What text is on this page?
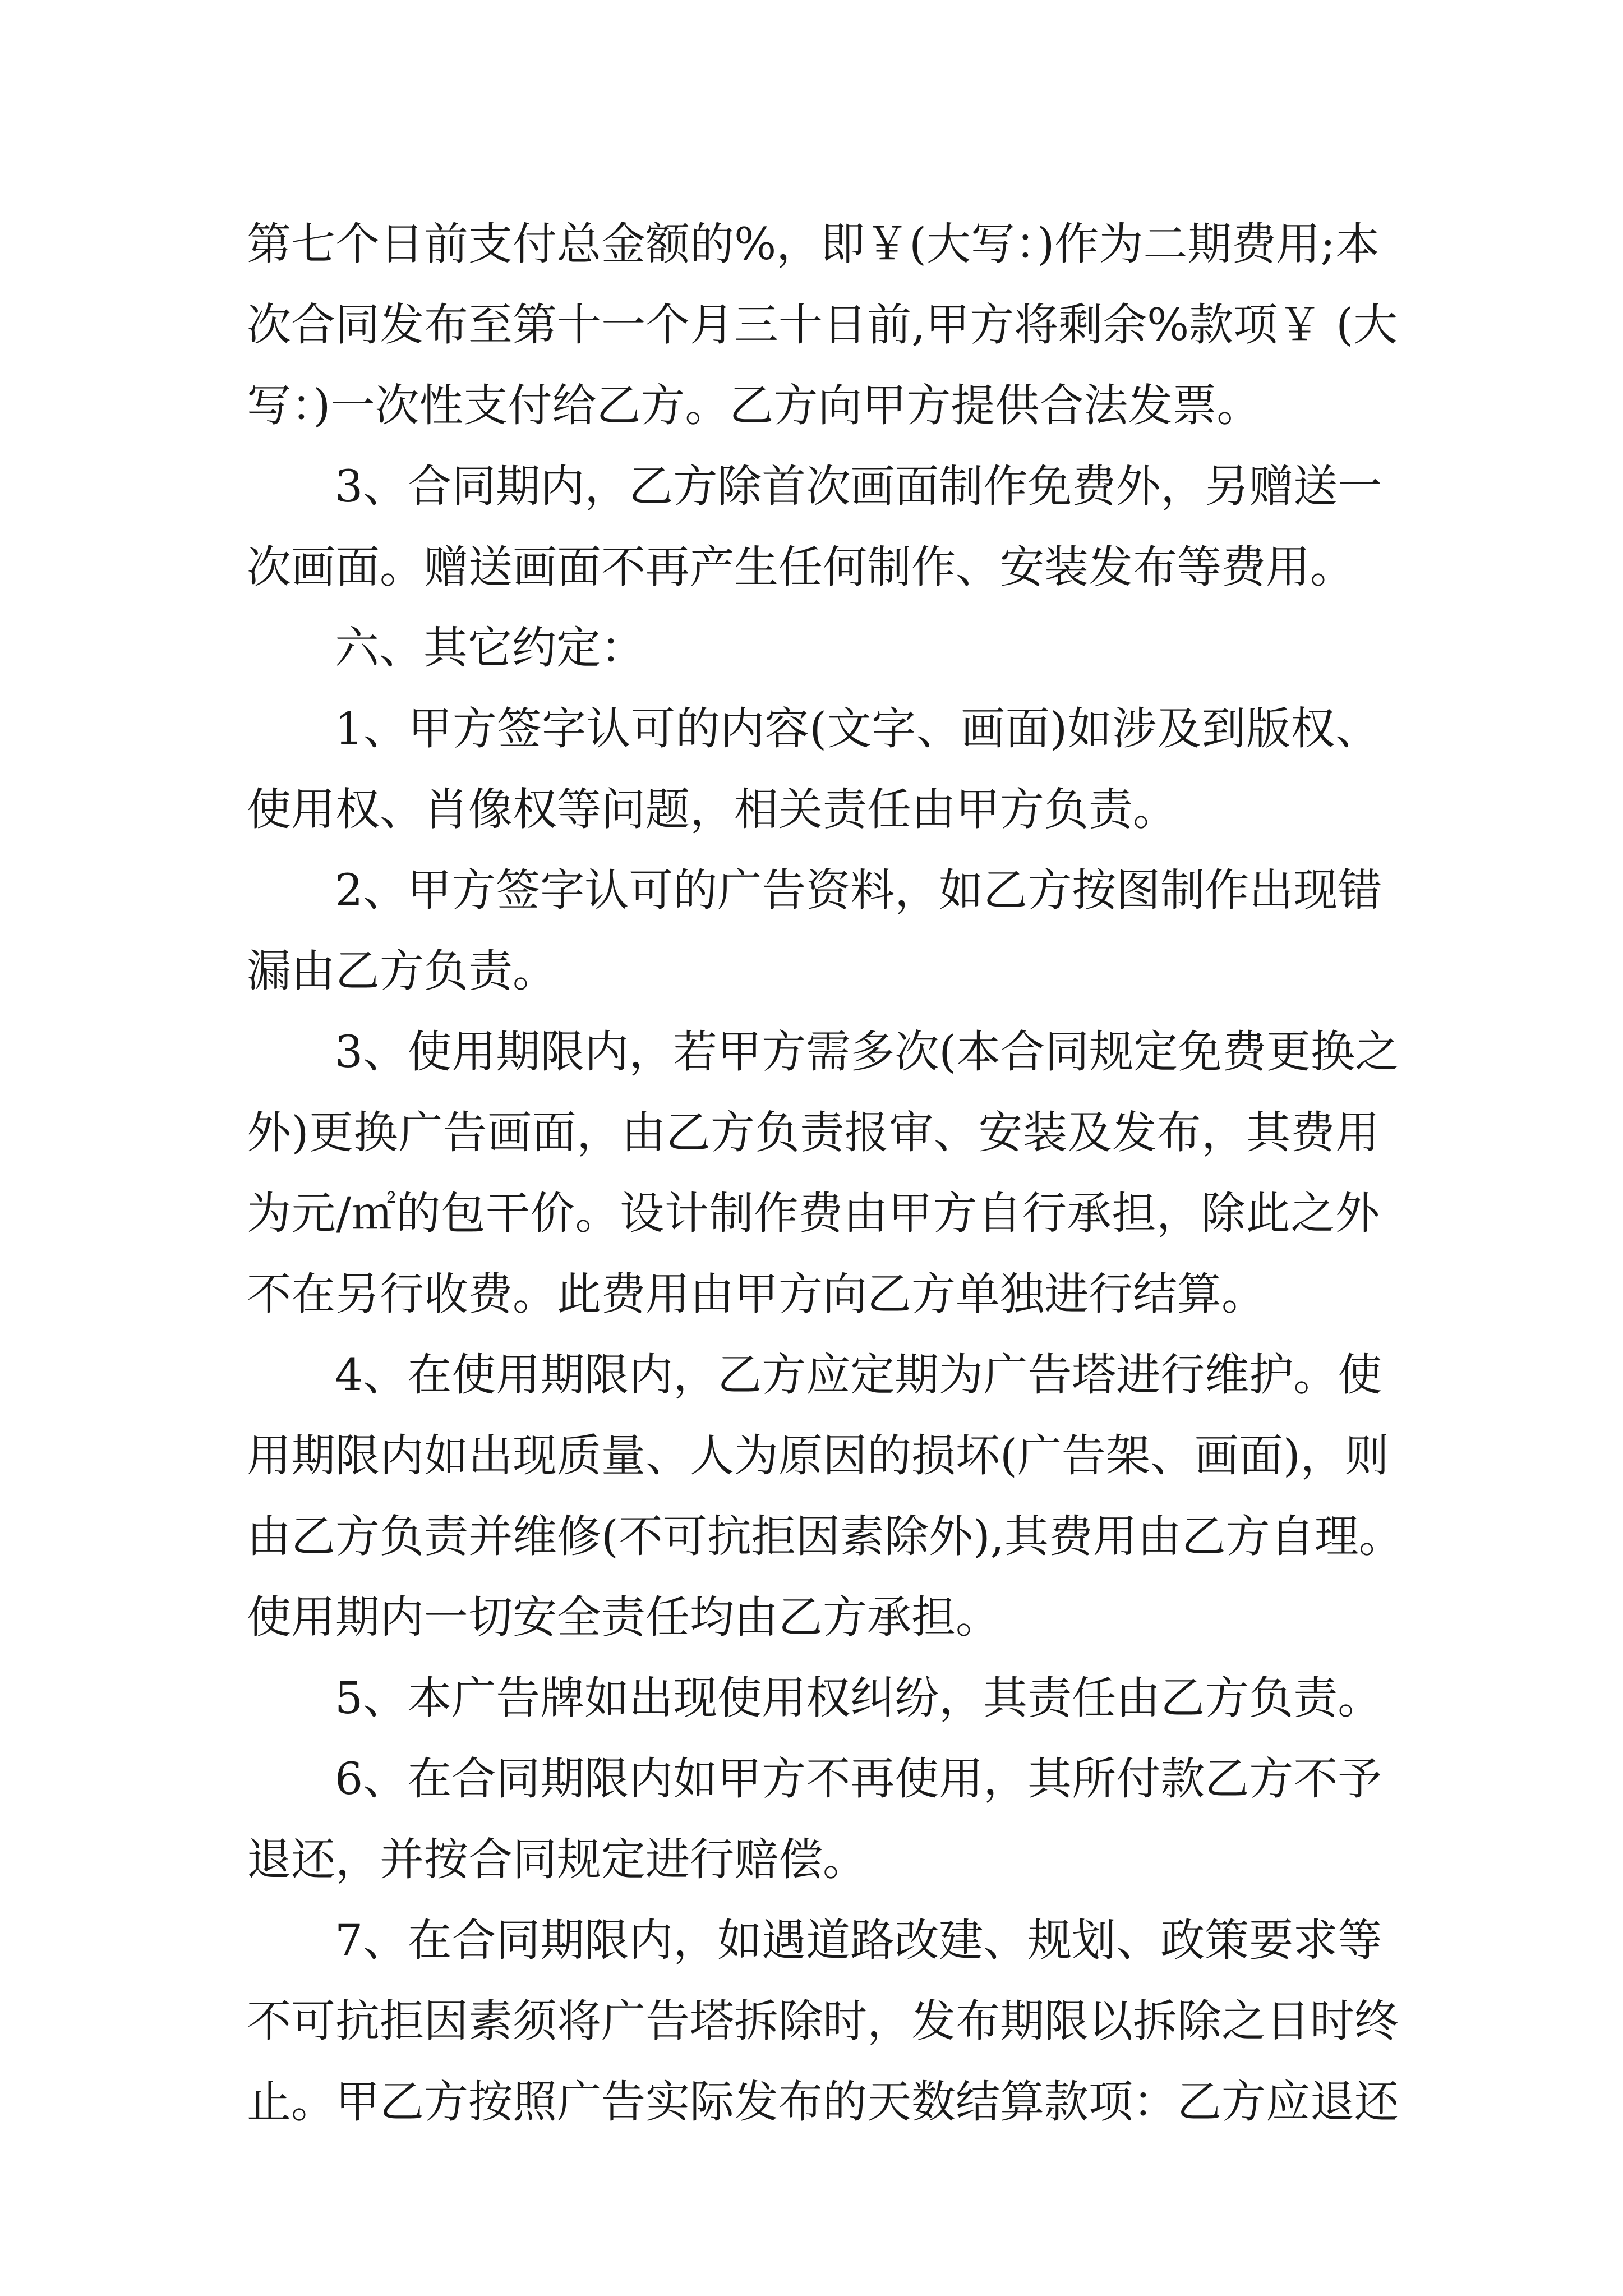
第七个日前支付总金额的%，即￥(大写：)作为二期费用;本
次合同发布至第十一个月三十日前,甲方将剩余%款项￥ (大
写：)一次性支付给乙方。乙方向甲方提供合法发票。
3、合同期内，乙方除首次画面制作免费外，另赠送一
次画面。赠送画面不再产生任何制作、安装发布等费用。
六、其它约定：
1、甲方签字认可的内容(文字、画面)如涉及到版权、
使用权、肖像权等问题，相关责任由甲方负责。
2、甲方签字认可的广告资料，如乙方按图制作出现错
漏由乙方负责。
3、使用期限内，若甲方需多次(本合同规定免费更换之
外)更换广告画面，由乙方负责报审、安装及发布，其费用
为元/㎡的包干价。设计制作费由甲方自行承担，除此之外
不在另行收费。此费用由甲方向乙方单独进行结算。
4、在使用期限内，乙方应定期为广告塔进行维护。使
用期限内如出现质量、人为原因的损坏(广告架、画面)，则
由乙方负责并维修(不可抗拒因素除外),其费用由乙方自理。
使用期内一切安全责任均由乙方承担。
5、本广告牌如出现使用权纠纷，其责任由乙方负责。
6、在合同期限内如甲方不再使用，其所付款乙方不予
退还，并按合同规定进行赔偿。
7、在合同期限内，如遇道路改建、规划、政策要求等
不可抗拒因素须将广告塔拆除时，发布期限以拆除之日时终
止。甲乙方按照广告实际发布的天数结算款项：乙方应退还
